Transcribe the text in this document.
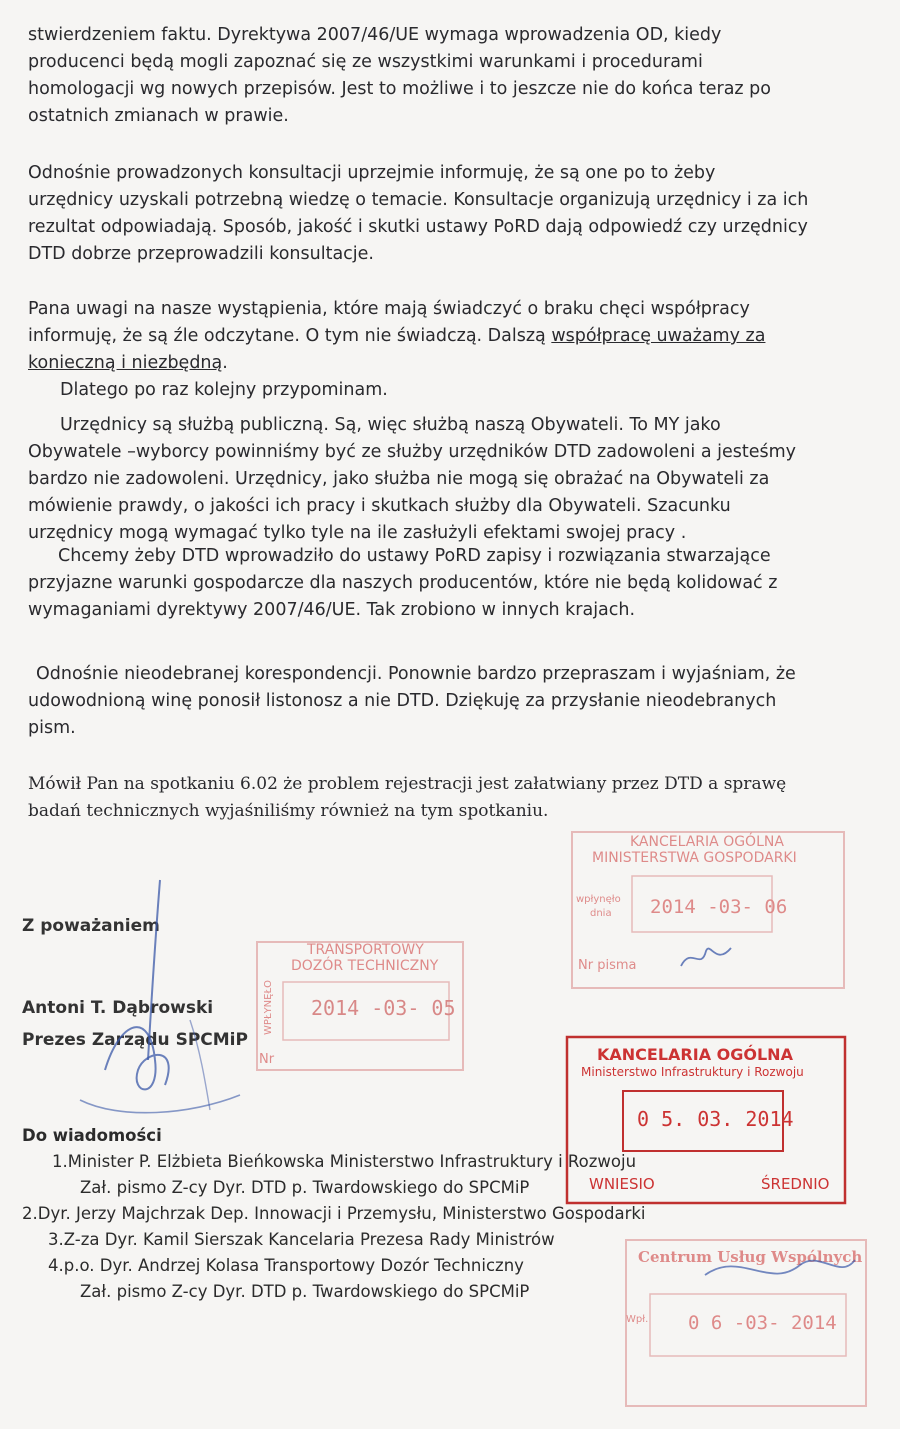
stwierdzeniem faktu. Dyrektywa 2007/46/UE wymaga wprowadzenia OD, kiedy
producenci będą mogli zapoznać się ze wszystkimi warunkami i procedurami
homologacji wg nowych przepisów. Jest to możliwe i to jeszcze nie do końca teraz po
ostatnich zmianach w prawie.
Odnośnie prowadzonych konsultacji uprzejmie informuję, że są one po to żeby
urzędnicy uzyskali potrzebną wiedzę o temacie. Konsultacje organizują urzędnicy i za ich
rezultat odpowiadają. Sposób, jakość i skutki ustawy PoRD dają odpowiedź czy urzędnicy
DTD dobrze przeprowadzili konsultacje.
Pana uwagi na nasze wystąpienia, które mają świadczyć o braku chęci współpracy
informuję, że są źle odczytane. O tym nie świadczą. Dalszą współpracę uważamy za
konieczną i niezbędną.
Dlatego po raz kolejny przypominam.
Urzędnicy są służbą publiczną. Są, więc służbą naszą Obywateli. To MY jako
Obywatele –wyborcy powinniśmy być ze służby urzędników DTD zadowoleni a jesteśmy
bardzo nie zadowoleni. Urzędnicy, jako służba nie mogą się obrażać na Obywateli za
mówienie prawdy, o jakości ich pracy i skutkach służby dla Obywateli. Szacunku
urzędnicy mogą wymagać tylko tyle na ile zasłużyli efektami swojej pracy .
Chcemy żeby DTD wprowadziło do ustawy PoRD zapisy i rozwiązania stwarzające
przyjazne warunki gospodarcze dla naszych producentów, które nie będą kolidować z
wymaganiami dyrektywy 2007/46/UE. Tak zrobiono w innych krajach.
Odnośnie nieodebranej korespondencji. Ponownie bardzo przepraszam i wyjaśniam, że
udowodnioną winę ponosił listonosz a nie DTD. Dziękuję za przysłanie nieodebranych
pism.
Mówił Pan na spotkaniu 6.02 że problem rejestracji jest załatwiany przez DTD a sprawę
badań technicznych wyjaśniliśmy również na tym spotkaniu.
Z poważaniem
Antoni T. Dąbrowski
Prezes Zarządu SPCMiP
Do wiadomości
1.Minister P. Elżbieta Bieńkowska Ministerstwo Infrastruktury i Rozwoju
Zał. pismo Z-cy Dyr. DTD p. Twardowskiego do SPCMiP
2.Dyr. Jerzy Majchrzak Dep. Innowacji i Przemysłu, Ministerstwo Gospodarki
3.Z-za Dyr. Kamil Sierszak Kancelaria Prezesa Rady Ministrów
4.p.o. Dyr. Andrzej Kolasa Transportowy Dozór Techniczny
Zał. pismo Z-cy Dyr. DTD p. Twardowskiego do SPCMiP
KANCELARIA OGÓLNA
MINISTERSTWA GOSPODARKI
wpłynęło
dnia 2014 -03- 06
Nr pisma
TRANSPORTOWY
DOZÓR TECHNICZNY
WPŁYNĘŁO 2014 -03- 05
Nr	KANCELARIA OGÓLNA
Ministerstwo Infrastruktury i Rozwoju
0 5. 03. 2014
WNIESIO	ŚREDNIO
Centrum Usług Wspólnych
Wpł. 0 6 -03- 2014
